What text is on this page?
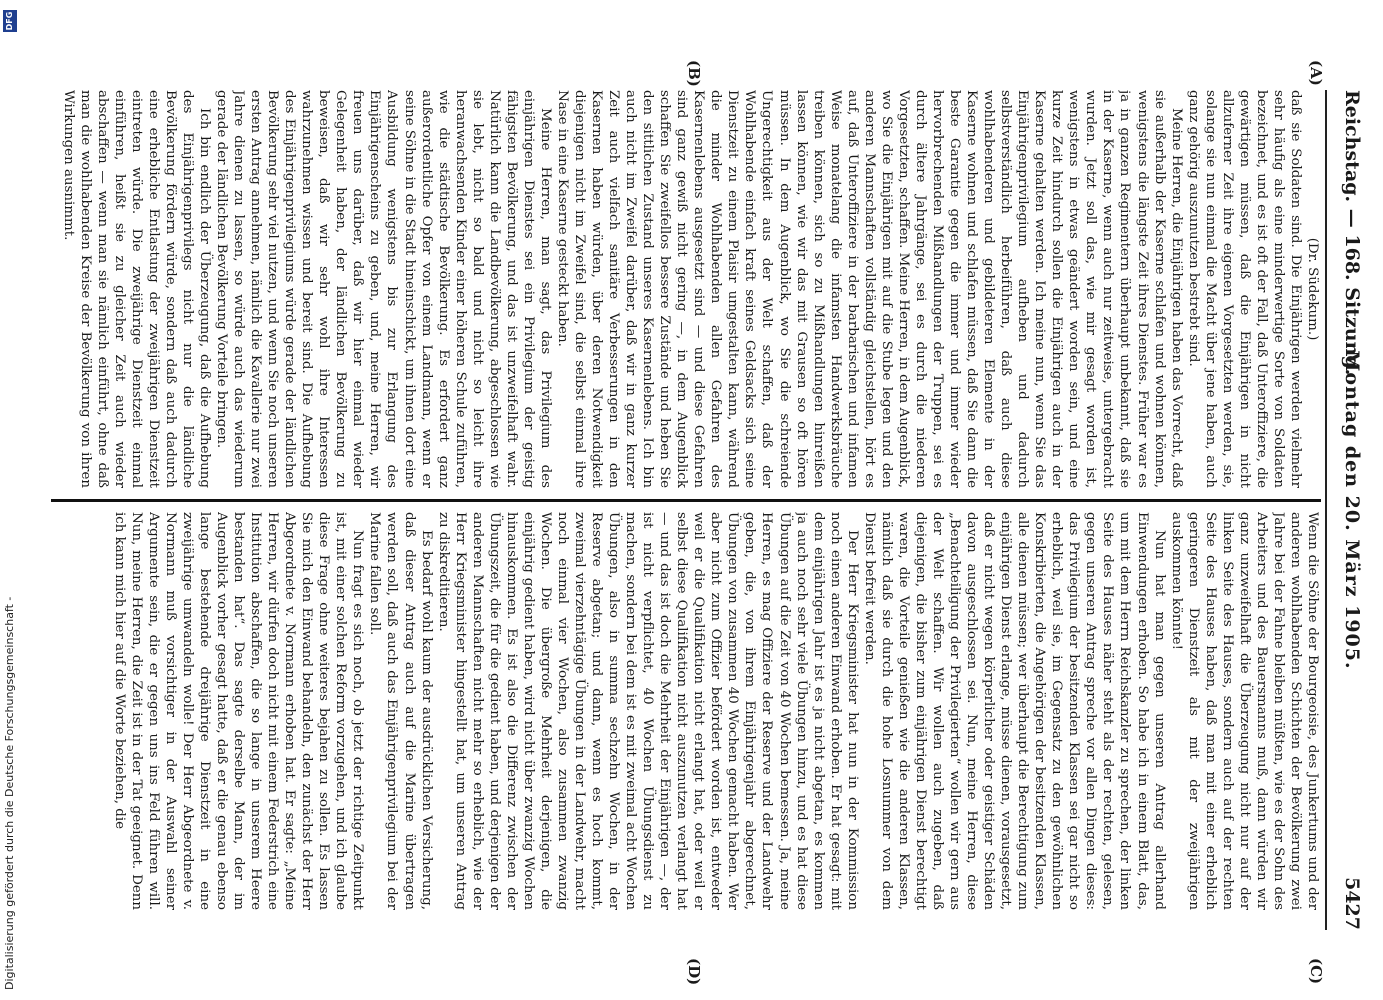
Reichstag. — 168. Sitzung.
Montag den 20. März 1905.
5427
(A)
(B)
(C)
(D)

(Dr. Südekum.)

daß sie Soldaten sind. Die Einjährigen werden vielmehr sehr häufig als eine minderwertige Sorte von Soldaten bezeichnet, und es ist oft der Fall, daß Unteroffiziere, die gewärtigen müssen, daß die Einjährigen in nicht allzuferner Zeit ihre eigenen Vorgesetzten werden, sie, solange sie nun einmal die Macht über jene haben, auch ganz gehörig auszunutzen bestrebt sind.

Meine Herren, die Einjährigen haben das Vorrecht, daß sie außerhalb der Kaserne schlafen und wohnen können, wenigstens die längste Zeit ihres Dienstes. Früher war es ja in ganzen Regimentern überhaupt unbekannt, daß sie in der Kaserne, wenn auch nur zeitweise, untergebracht wurden. Jetzt soll das, wie mir gesagt worden ist, wenigstens in etwas geändert worden sein, und eine kurze Zeit hindurch sollen die Einjährigen auch in der Kaserne gehalten werden. Ich meine nun, wenn Sie das Einjährigenprivilegium aufheben und dadurch selbstverständlich herbeiführen, daß auch diese wohlhabenderen und gebildeteren Elemente in der Kaserne wohnen und schlafen müssen, daß Sie dann die beste Garantie gegen die immer und immer wieder hervorbrechenden Mißhandlungen der Truppen, sei es durch ältere Jahrgänge, sei es durch die niederen Vorgesetzten, schaffen. Meine Herren, in dem Augenblick, wo Sie die Einjährigen mit auf die Stube legen und den anderen Mannschaften vollständig gleichstellen, hört es auf, daß Unteroffiziere in der barbarischen und infamen Weise monatelang die infamsten Handwerksbräuche treiben können, sich so zu Mißhandlungen hinreißen lassen können, wie wir das mit Grausen so oft hören müssen. In dem Augenblick, wo Sie die schreiende Ungerechtigkeit aus der Welt schaffen, daß der Wohlhabende einfach kraft seines Geldsacks sich seine Dienstzeit zu einem Plaisir umgestalten kann, während die minder Wohlhabenden allen Gefahren des Kasernenlebens ausgesetzt sind — und diese Gefahren sind ganz gewiß nicht gering —, in dem Augenblick schaffen Sie zweifellos bessere Zustände und heben Sie den sittlichen Zustand unseres Kasernenlebens. Ich bin auch nicht im Zweifel darüber, daß wir in ganz kurzer Zeit auch vielfach sanitäre Verbesserungen in den Kasernen haben würden, über deren Notwendigkeit diejenigen nicht im Zweifel sind, die selbst einmal ihre Nase in eine Kaserne gesteckt haben.

Meine Herren, man sagt, das Privilegium des einjährigen Dienstes sei ein Privilegium der geistig fähigsten Bevölkerung, und das ist unzweifelhaft wahr. Natürlich kann die Landbevölkerung, abgeschlossen wie sie lebt, nicht so bald und nicht so leicht ihre heranwachsenden Kinder einer höheren Schule zuführen, wie die städtische Bevölkerung. Es erfordert ganz außerordentliche Opfer von einem Landmann, wenn er seine Söhne in die Stadt hineinschickt, um ihnen dort eine Ausbildung wenigstens bis zur Erlangung des Einjährigenscheins zu geben, und, meine Herren, wir freuen uns darüber, daß wir hier einmal wieder Gelegenheit haben, der ländlichen Bevölkerung zu beweisen, daß wir sehr wohl ihre Interessen wahrzunehmen wissen und bereit sind. Die Aufhebung des Einjährigenprivilegiums würde gerade der ländlichen Bevölkerung sehr viel nutzen, und wenn Sie noch unseren ersten Antrag annehmen, nämlich die Kavallerie nur zwei Jahre dienen zu lassen, so würde auch das wiederum gerade der ländlichen Bevölkerung Vorteile bringen.

Ich bin endlich der Überzeugung, daß die Aufhebung des Einjährigenprivilegs nicht nur die ländliche Bevölkerung fördern würde, sondern daß auch dadurch eine erhebliche Entlastung der zweijährigen Dienstzeit eintreten würde. Die zweijährige Dienstzeit einmal einführen, heißt sie zu gleicher Zeit auch wieder abschaffen — wenn man sie nämlich einführt, ohne daß man die wohlhabenden Kreise der Bevölkerung von ihren Wirkungen ausnimmt.

Wenn die Söhne der Bourgeoisie, des Junkertums und der anderen wohlhabenden Schichten der Bevölkerung zwei Jahre bei der Fahne bleiben müßten, wie es der Sohn des Arbeiters und des Bauersmanns muß, dann würden wir ganz unzweifelhaft die Überzeugung nicht nur auf der linken Seite des Hauses, sondern auch auf der rechten Seite des Hauses haben, daß man mit einer erheblich geringeren Dienstzeit als mit der zweijährigen auskommen könnte!

Nun hat man gegen unseren Antrag allerhand Einwendungen erhoben. So habe ich in einem Blatt, das, um mit dem Herrn Reichskanzler zu sprechen, der linken Seite des Hauses näher steht als der rechten, gelesen, gegen unseren Antrag spreche vor allen Dingen dieses: das Privilegium der besitzenden Klassen sei gar nicht so erheblich, weil sie, im Gegensatz zu den gewöhnlichen Konskribierten, die Angehörigen der besitzenden Klassen, alle dienen müssen; wer überhaupt die Berechtigung zum einjährigen Dienst erlange, müsse dienen, vorausgesetzt, daß er nicht wegen körperlicher oder geistiger Schäden davon ausgeschlossen sei. Nun, meine Herren, diese „Benachteiligung der Privilegierten“ wollen wir gern aus der Welt schaffen. Wir wollen auch zugeben, daß diejenigen, die bisher zum einjährigen Dienst berechtigt waren, die Vorteile genießen wie die anderen Klassen, nämlich daß sie durch die hohe Losnummer von dem Dienst befreit werden.

Der Herr Kriegsminister hat nun in der Kommission noch einen anderen Einwand erhoben. Er hat gesagt: mit dem einjährigen Jahr ist es ja nicht abgetan, es kommen ja auch noch sehr viele Übungen hinzu, und es hat diese Übungen auf die Zeit von 40 Wochen bemessen. Ja, meine Herren, es mag Offiziere der Reserve und der Landwehr geben, die, von ihrem Einjährigenjahr abgerechnet, Übungen von zusammen 40 Wochen gemacht haben. Wer aber nicht zum Offizier befördert worden ist, entweder weil er die Qualifikation nicht erlangt hat, oder weil er selbst diese Qualifikation nicht auszunutzen verlangt hat — und das ist doch die Mehrheit der Einjährigen —, der ist nicht verpflichtet, 40 Wochen Übungsdienst zu machen, sondern bei dem ist es mit zweimal acht Wochen Übungen, also in summa sechzehn Wochen, in der Reserve abgetan; und dann, wenn es hoch kommt, zweimal vierzehntägige Übungen in der Landwehr, macht noch einmal vier Wochen, also zusammen zwanzig Wochen. Die übergroße Mehrheit derjenigen, die einjährig gedient haben, wird nicht über zwanzig Wochen hinauskommen. Es ist also die Differenz zwischen der Übungszeit, die für die gedient haben, und derjenigen der anderen Mannschaften nicht mehr so erheblich, wie der Herr Kriegsminister hingestellt hat, um unseren Antrag zu diskreditieren.

Es bedarf wohl kaum der ausdrücklichen Versicherung, daß dieser Antrag auch auf die Marine übertragen werden soll, daß auch das Einjährigenprivilegium bei der Marine fallen soll.

Nun fragt es sich noch, ob jetzt der richtige Zeitpunkt ist, mit einer solchen Reform vorzugehen, und ich glaube diese Frage ohne weiteres bejahen zu sollen. Es lassen Sie mich den Einwand behandeln, den zunächst der Herr Abgeordnete v. Normann erhoben hat. Er sagte: „Meine Herren, wir dürfen doch nicht mit einem Federstrich eine Institution abschaffen, die so lange in unserem Heere bestanden hat“. Das sagte derselbe Mann, der im Augenblick vorher gesagt hatte, daß er die genau ebenso lange bestehende dreijährige Dienstzeit in eine zweijährige umwandeln wolle! Der Herr Abgeordnete v. Normann muß vorsichtiger in der Auswahl seiner Argumente sein, die er gegen uns ins Feld führen will. Nun, meine Herren, die Zeit ist in der Tat geeignet. Denn ich kann mich hier auf die Worte beziehen, die

Digitalisierung gefördert durch die Deutsche Forschungsgemeinschaft -
DFG
